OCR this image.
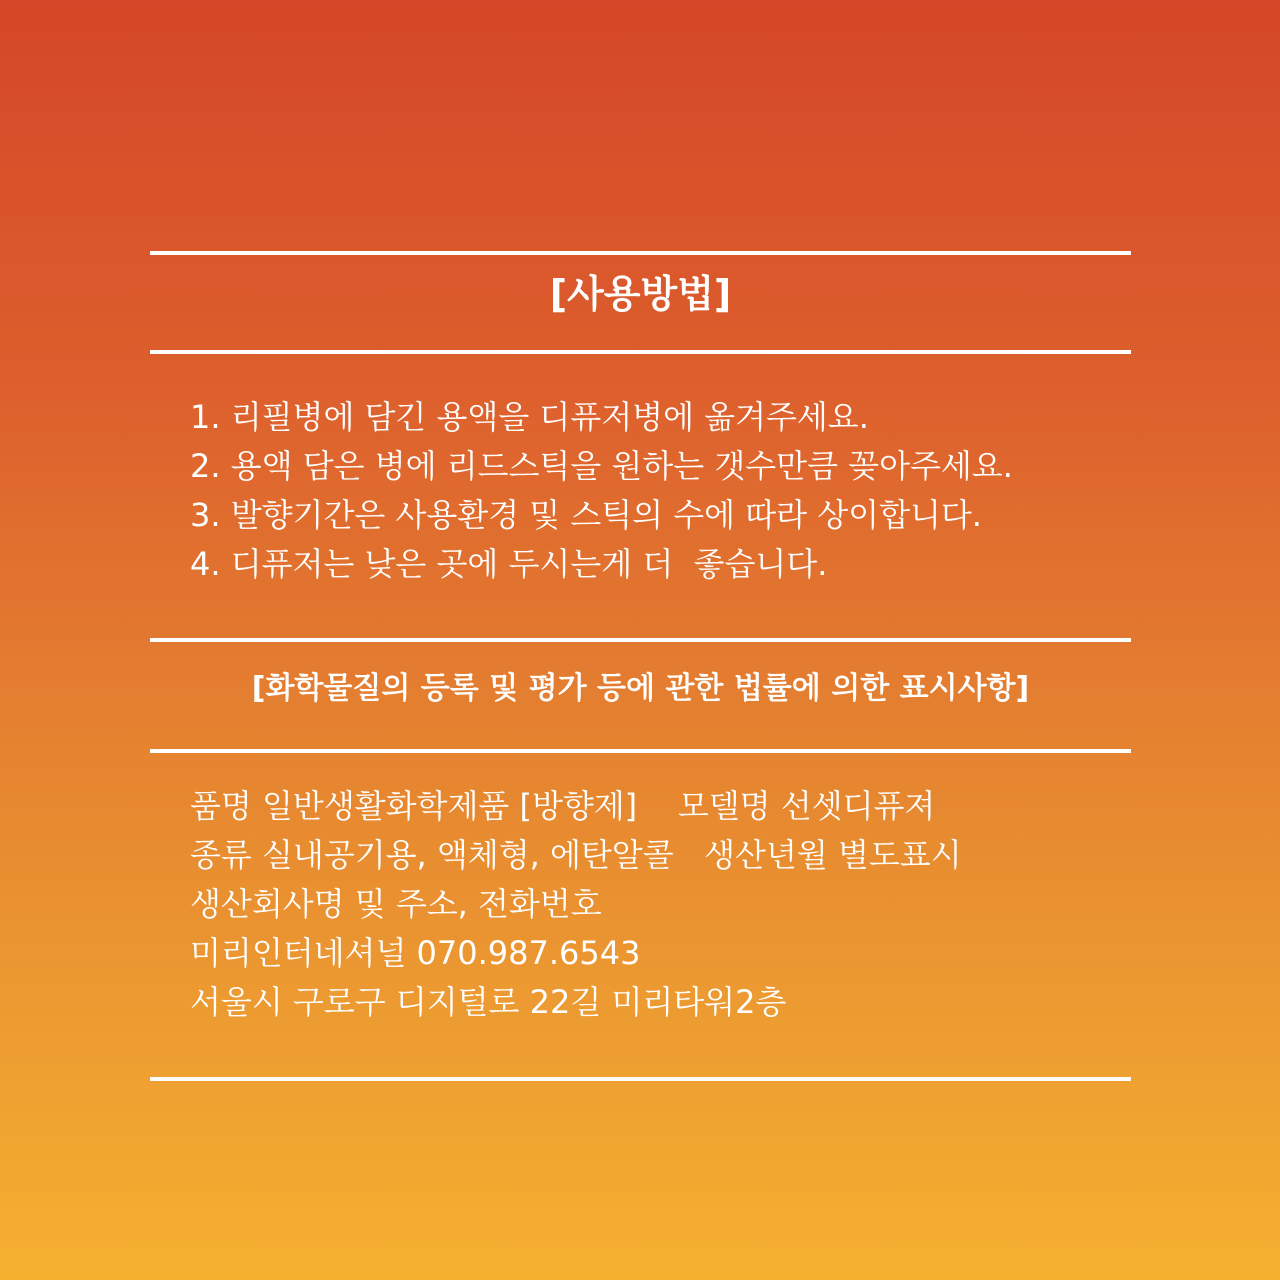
[사용방법]
1. 리필병에 담긴 용액을 디퓨저병에 옮겨주세요.
2. 용액 담은 병에 리드스틱을 원하는 갯수만큼 꽂아주세요.
3. 발향기간은 사용환경 및 스틱의 수에 따라 상이합니다.
4. 디퓨저는 낮은 곳에 두시는게 더  좋습니다.
[화학물질의 등록 및 평가 등에 관한 법률에 의한 표시사항]
품명 일반생활화학제품 [방향제]    모델명 선셋디퓨져
종류 실내공기용, 액체형, 에탄알콜   생산년월 별도표시
생산회사명 및 주소, 전화번호
미리인터네셔널 070.987.6543
서울시 구로구 디지털로 22길 미리타워2층
